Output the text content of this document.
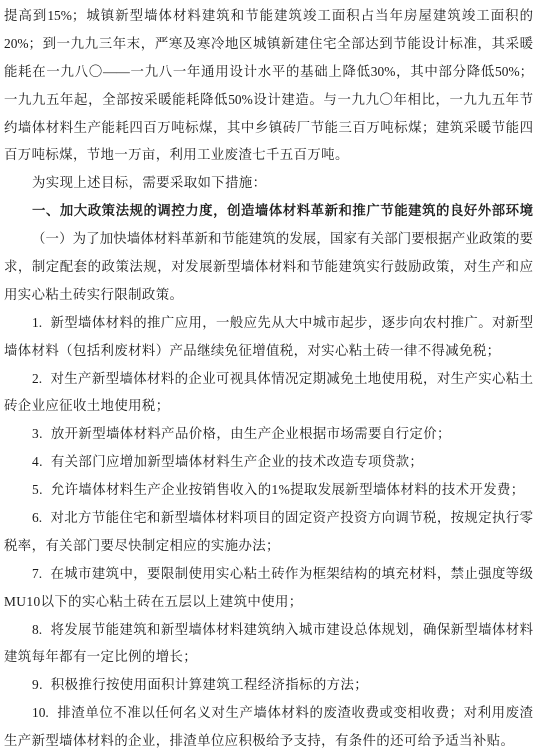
提高到15%；城镇新型墙体材料建筑和节能建筑竣工面积占当年房屋建筑竣工面积的
20%；到一九九三年末，严寒及寒冷地区城镇新建住宅全部达到节能设计标准，其采暖
能耗在一九八〇——一九八一年通用设计水平的基础上降低30%，其中部分降低50%；
一九九五年起，全部按采暖能耗降低50%设计建造。与一九九〇年相比，一九九五年节
约墙体材料生产能耗四百万吨标煤，其中乡镇砖厂节能三百万吨标煤；建筑采暖节能四
百万吨标煤，节地一万亩，利用工业废渣七千五百万吨。
为实现上述目标，需要采取如下措施：
一、加大政策法规的调控力度，创造墙体材料革新和推广节能建筑的良好外部环境
（一）为了加快墙体材料革新和节能建筑的发展，国家有关部门要根据产业政策的要
求，制定配套的政策法规，对发展新型墙体材料和节能建筑实行鼓励政策，对生产和应
用实心粘土砖实行限制政策。
1. 新型墙体材料的推广应用，一般应先从大中城市起步，逐步向农村推广。对新型
墙体材料（包括利废材料）产品继续免征增值税，对实心粘土砖一律不得减免税；
2. 对生产新型墙体材料的企业可视具体情况定期减免土地使用税，对生产实心粘土
砖企业应征收土地使用税；
3. 放开新型墙体材料产品价格，由生产企业根据市场需要自行定价；
4. 有关部门应增加新型墙体材料生产企业的技术改造专项贷款；
5. 允许墙体材料生产企业按销售收入的1%提取发展新型墙体材料的技术开发费；
6. 对北方节能住宅和新型墙体材料项目的固定资产投资方向调节税，按规定执行零
税率，有关部门要尽快制定相应的实施办法；
7. 在城市建筑中，要限制使用实心粘土砖作为框架结构的填充材料，禁止强度等级
MU10以下的实心粘土砖在五层以上建筑中使用；
8. 将发展节能建筑和新型墙体材料建筑纳入城市建设总体规划，确保新型墙体材料
建筑每年都有一定比例的增长；
9. 积极推行按使用面积计算建筑工程经济指标的方法；
10. 排渣单位不准以任何名义对生产墙体材料的废渣收费或变相收费；对利用废渣
生产新型墙体材料的企业，排渣单位应积极给予支持，有条件的还可给予适当补贴。
